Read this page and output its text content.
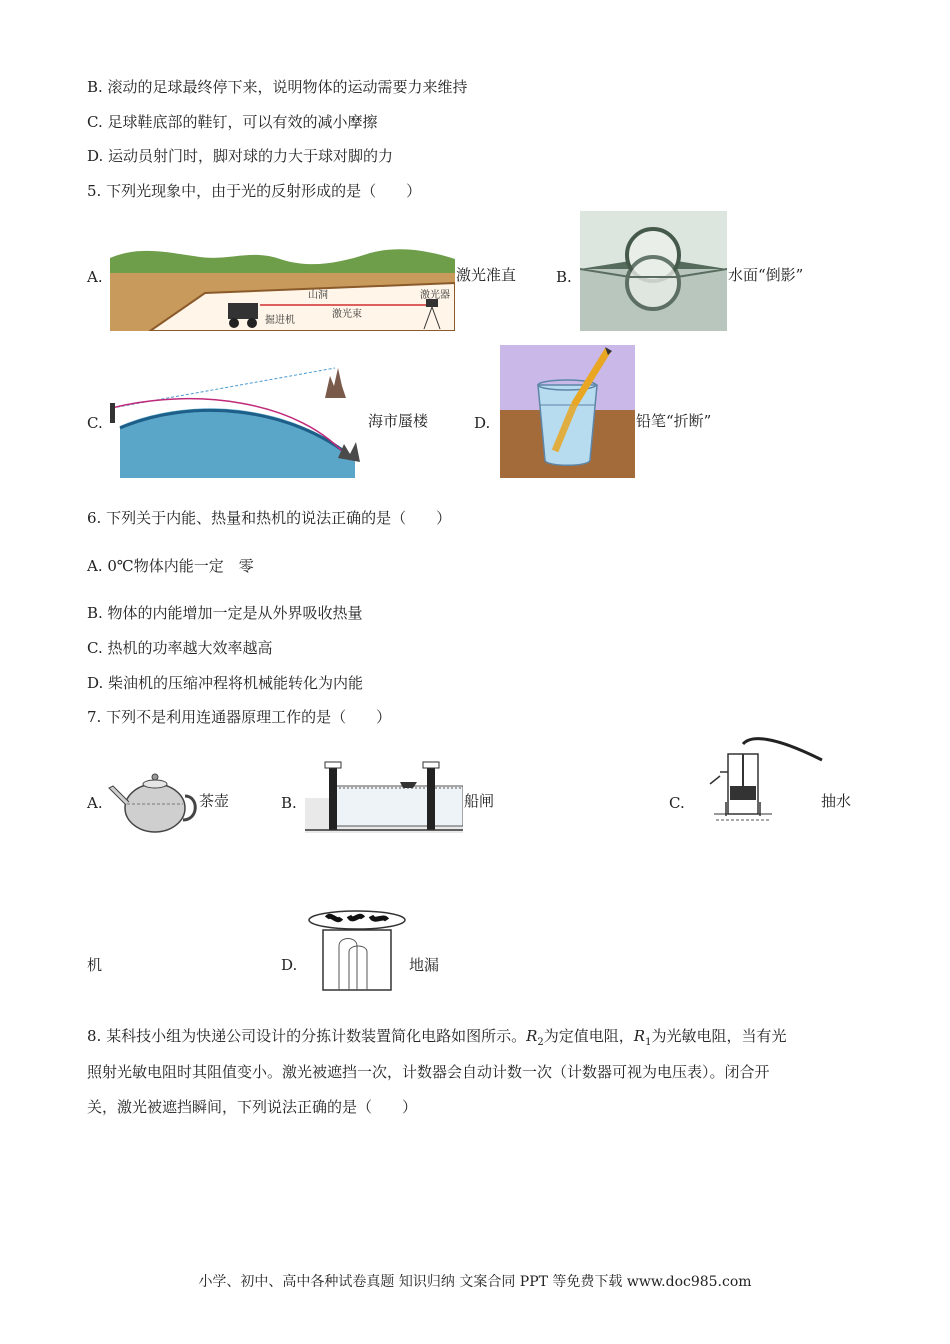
B. 滚动的足球最终停下来，说明物体的运动需要力来维持
C. 足球鞋底部的鞋钉，可以有效的减小摩擦
D. 运动员射门时，脚对球的力大于球对脚的力
5. 下列光现象中，由于光的反射形成的是（　　）
A.
山洞	激光器
激光束
掘进机
激光准直	B.	水面“倒影”
C.	海市蜃楼	D.	铅笔“折断”
6. 下列关于内能、热量和热机的说法正确的是（　　）
A. 0℃物体内能一定　零
B. 物体的内能增加一定是从外界吸收热量
C. 热机的功率越大效率越高
D. 柴油机的压缩冲程将机械能转化为内能
7. 下列不是利用连通器原理工作的是（　　）
A.	茶壶	B.	船闸	C.	抽水
机	D.	地漏
8. 某科技小组为快递公司设计的分拣计数装置简化电路如图所示。$R_2$为定值电阻，$R_1$为光敏电阻，当有光
照射光敏电阻时其阻值变小。激光被遮挡一次，计数器会自动计数一次（计数器可视为电压表）。闭合开
关，激光被遮挡瞬间，下列说法正确的是（　　）
小学、初中、高中各种试卷真题 知识归纳 文案合同 PPT 等免费下载 www.doc985.com
